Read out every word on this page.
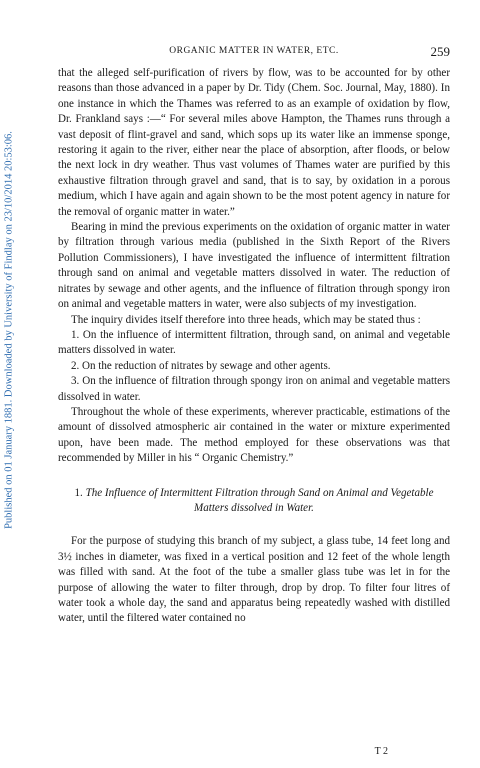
Published on 01 January 1881. Downloaded by University of Findlay on 23/10/2014 20:53:06.
ORGANIC MATTER IN WATER, ETC.	259

that the alleged self-purification of rivers by flow, was to be accounted for by other reasons than those advanced in a paper by Dr. Tidy (Chem. Soc. Journal, May, 1880). In one instance in which the Thames was referred to as an example of oxidation by flow, Dr. Frankland says :—“ For several miles above Hampton, the Thames runs through a vast deposit of flint-gravel and sand, which sops up its water like an immense sponge, restoring it again to the river, either near the place of absorption, after floods, or below the next lock in dry weather. Thus vast volumes of Thames water are purified by this exhaustive filtration through gravel and sand, that is to say, by oxidation in a porous medium, which I have again and again shown to be the most potent agency in nature for the removal of organic matter in water.”

Bearing in mind the previous experiments on the oxidation of organic matter in water by filtration through various media (published in the Sixth Report of the Rivers Pollution Commissioners), I have investigated the influence of intermittent filtration through sand on animal and vegetable matters dissolved in water. The reduction of nitrates by sewage and other agents, and the influence of filtration through spongy iron on animal and vegetable matters in water, were also subjects of my investigation.

The inquiry divides itself therefore into three heads, which may be stated thus :

1. On the influence of intermittent filtration, through sand, on animal and vegetable matters dissolved in water.

2. On the reduction of nitrates by sewage and other agents.

3. On the influence of filtration through spongy iron on animal and vegetable matters dissolved in water.

Throughout the whole of these experiments, wherever practicable, estimations of the amount of dissolved atmospheric air contained in the water or mixture experimented upon, have been made. The method employed for these observations was that recommended by Miller in his “ Organic Chemistry.”

1. The Influence of Intermittent Filtration through Sand on Animal and Vegetable Matters dissolved in Water.

For the purpose of studying this branch of my subject, a glass tube, 14 feet long and 3½ inches in diameter, was fixed in a vertical position and 12 feet of the whole length was filled with sand. At the foot of the tube a smaller glass tube was let in for the purpose of allowing the water to filter through, drop by drop. To filter four litres of water took a whole day, the sand and apparatus being repeatedly washed with distilled water, until the filtered water contained no

T 2
